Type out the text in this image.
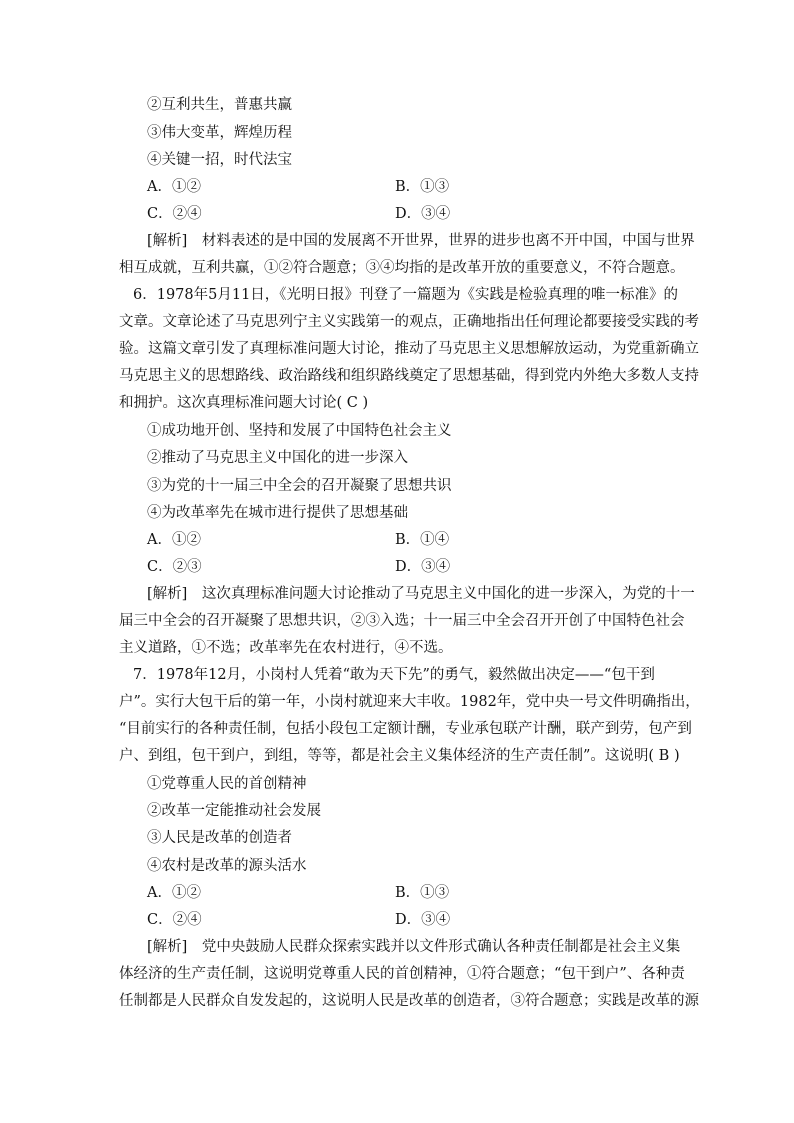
②互利共生，普惠共赢
③伟大变革，辉煌历程
④关键一招，时代法宝
A．①②	B．①③
C．②④	D．③④
[解析]　材料表述的是中国的发展离不开世界，世界的进步也离不开中国，中国与世界
相互成就，互利共赢，①②符合题意；③④均指的是改革开放的重要意义，不符合题意。
6．1978年5月11日，《光明日报》刊登了一篇题为《实践是检验真理的唯一标准》的
文章。文章论述了马克思列宁主义实践第一的观点，正确地指出任何理论都要接受实践的考
验。这篇文章引发了真理标准问题大讨论，推动了马克思主义思想解放运动，为党重新确立
马克思主义的思想路线、政治路线和组织路线奠定了思想基础，得到党内外绝大多数人支持
和拥护。这次真理标准问题大讨论( C )
①成功地开创、坚持和发展了中国特色社会主义
②推动了马克思主义中国化的进一步深入
③为党的十一届三中全会的召开凝聚了思想共识
④为改革率先在城市进行提供了思想基础
A．①②	B．①④
C．②③	D．③④
[解析]　这次真理标准问题大讨论推动了马克思主义中国化的进一步深入，为党的十一
届三中全会的召开凝聚了思想共识，②③入选；十一届三中全会召开开创了中国特色社会
主义道路，①不选；改革率先在农村进行，④不选。
7．1978年12月，小岗村人凭着“敢为天下先”的勇气，毅然做出决定——“包干到
户”。实行大包干后的第一年，小岗村就迎来大丰收。1982年，党中央一号文件明确指出，
“目前实行的各种责任制，包括小段包工定额计酬，专业承包联产计酬，联产到劳，包产到
户、到组，包干到户，到组，等等，都是社会主义集体经济的生产责任制”。这说明( B )
①党尊重人民的首创精神
②改革一定能推动社会发展
③人民是改革的创造者
④农村是改革的源头活水
A．①②	B．①③
C．②④	D．③④
[解析]　党中央鼓励人民群众探索实践并以文件形式确认各种责任制都是社会主义集
体经济的生产责任制，这说明党尊重人民的首创精神，①符合题意；“包干到户”、各种责
任制都是人民群众自发发起的，这说明人民是改革的创造者，③符合题意；实践是改革的源
